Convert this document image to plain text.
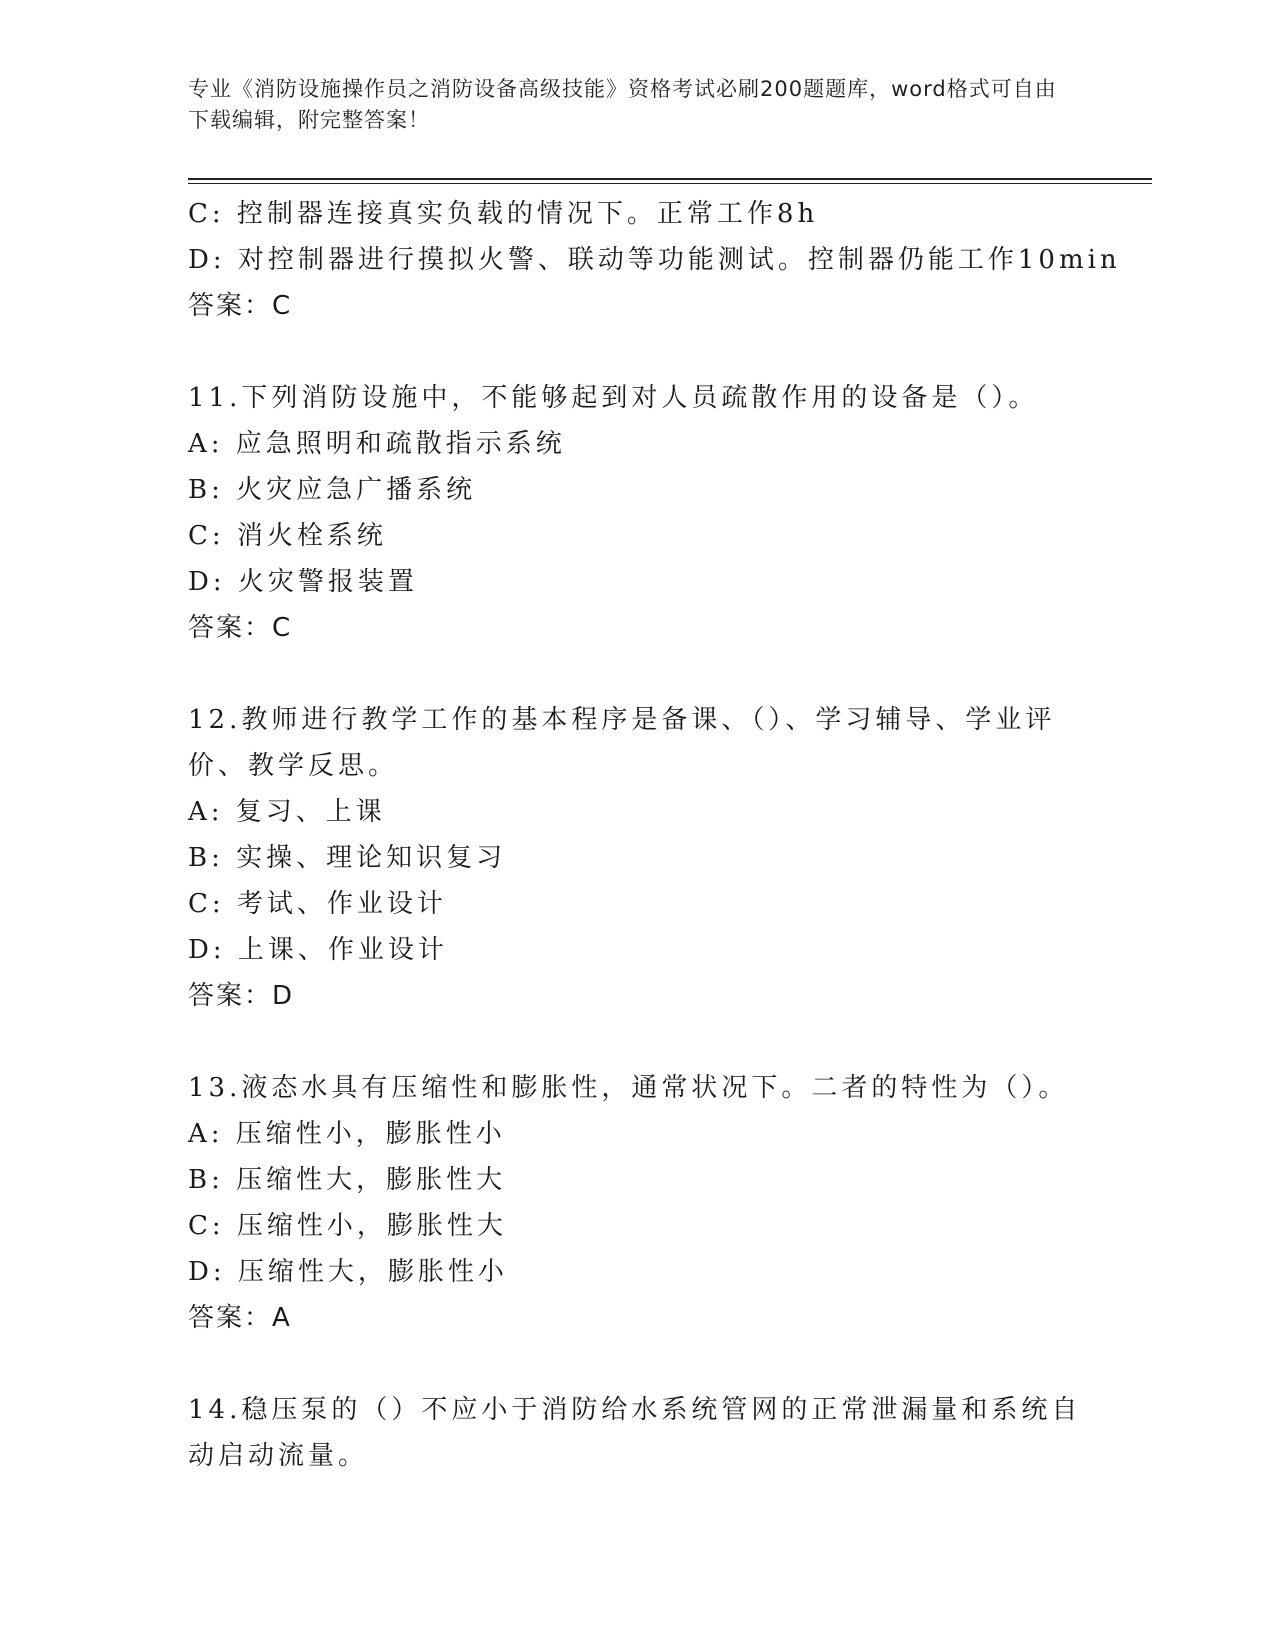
专业《消防设施操作员之消防设备高级技能》资格考试必刷200题题库，word格式可自由下载编辑，附完整答案！
C: 控制器连接真实负载的情况下。正常工作8h
D: 对控制器进行摸拟火警、联动等功能测试。控制器仍能工作10min
答案：C
11.下列消防设施中，不能够起到对人员疏散作用的设备是（）。
A: 应急照明和疏散指示系统
B: 火灾应急广播系统
C: 消火栓系统
D: 火灾警报装置
答案：C
12.教师进行教学工作的基本程序是备课、（）、学习辅导、学业评价、教学反思。
A: 复习、上课
B: 实操、理论知识复习
C: 考试、作业设计
D: 上课、作业设计
答案：D
13.液态水具有压缩性和膨胀性，通常状况下。二者的特性为（）。
A: 压缩性小，膨胀性小
B: 压缩性大，膨胀性大
C: 压缩性小，膨胀性大
D: 压缩性大，膨胀性小
答案：A
14.稳压泵的（）不应小于消防给水系统管网的正常泄漏量和系统自动启动流量。
